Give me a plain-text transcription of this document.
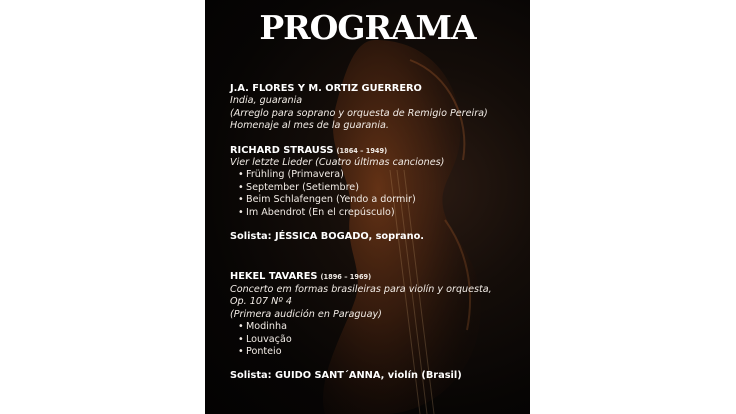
PROGRAMA
J.A. FLORES Y M. ORTIZ GUERRERO
India, guarania
(Arreglo para soprano y orquesta de Remigio Pereira)
Homenaje al mes de la guarania.
RICHARD STRAUSS (1864 – 1949)
Vier letzte Lieder (Cuatro últimas canciones)
• Frühling (Primavera)
• September (Setiembre)
• Beim Schlafengen (Yendo a dormir)
• Im Abendrot (En el crepúsculo)
Solista: JÉSSICA BOGADO, soprano.
HEKEL TAVARES (1896 – 1969)
Concerto em formas brasileiras para violín y orquesta,
Op. 107 Nº 4
(Primera audición en Paraguay)
• Modinha
• Louvação
• Ponteio
Solista: GUIDO SANT´ANNA, violín (Brasil)
